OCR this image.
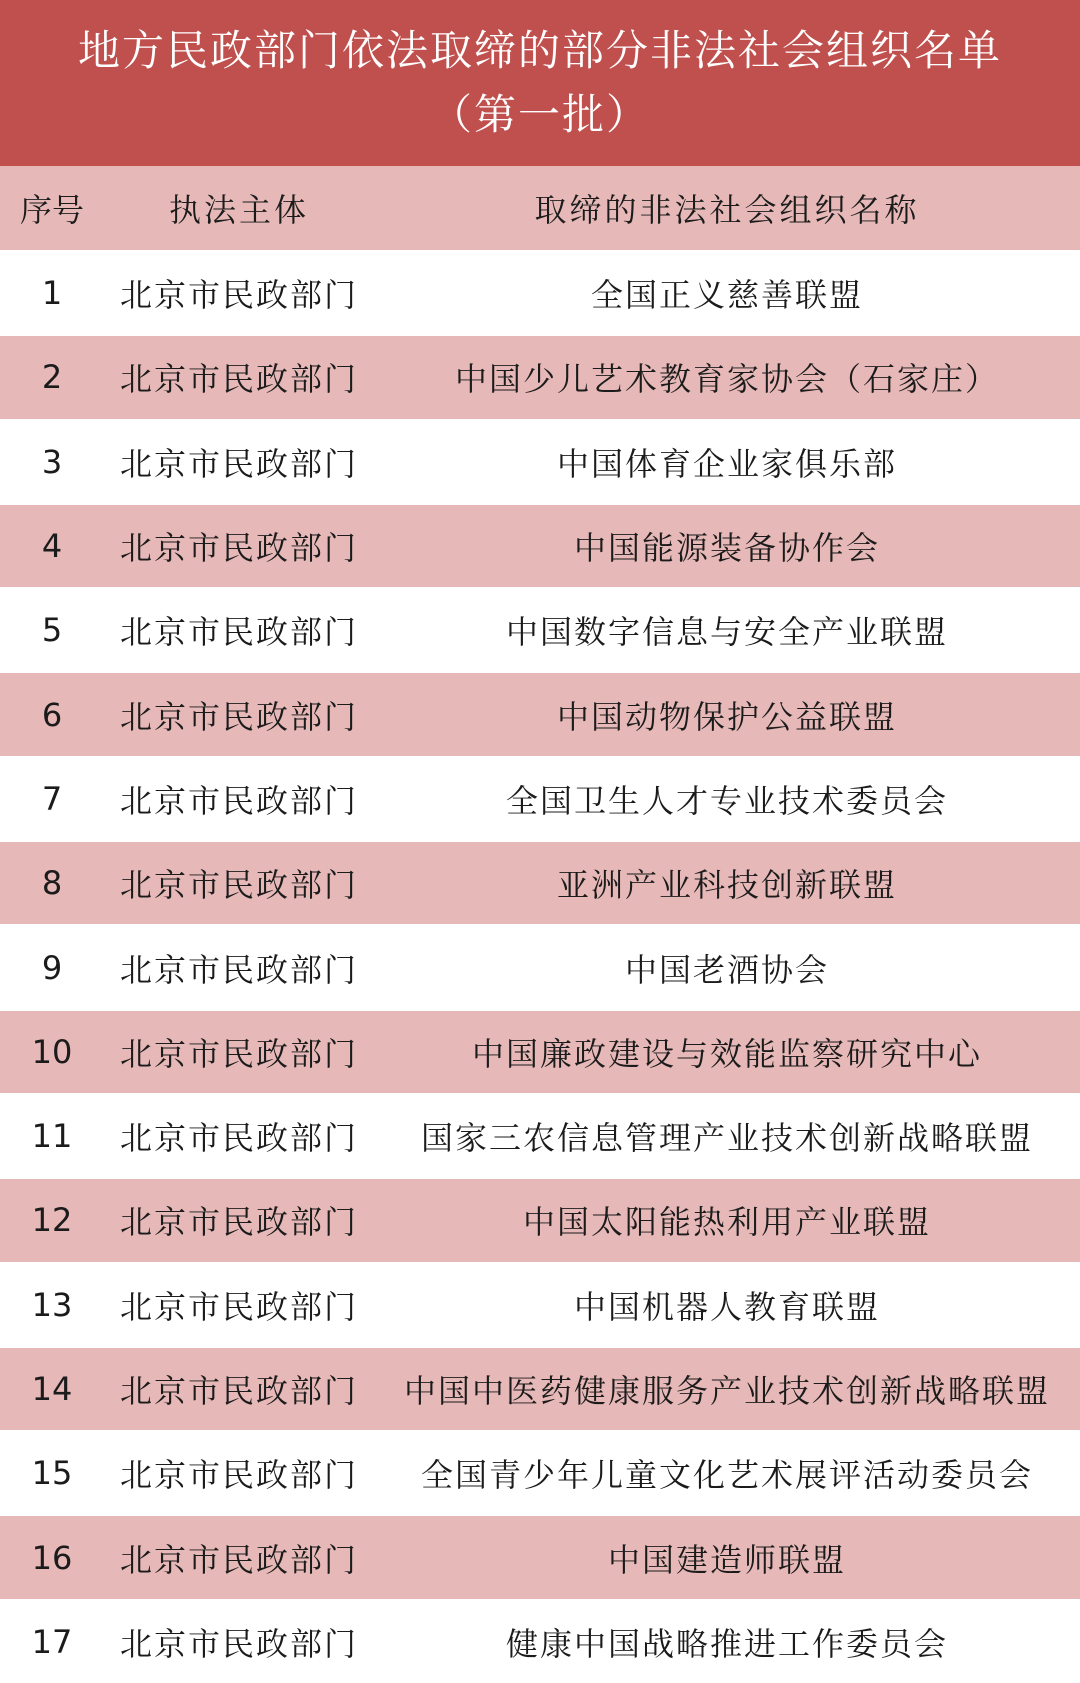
地方民政部门依法取缔的部分非法社会组织名单
（第一批）
序号	执法主体	取缔的非法社会组织名称
1	北京市民政部门	全国正义慈善联盟
2	北京市民政部门	中国少儿艺术教育家协会（石家庄）
3	北京市民政部门	中国体育企业家俱乐部
4	北京市民政部门	中国能源装备协作会
5	北京市民政部门	中国数字信息与安全产业联盟
6	北京市民政部门	中国动物保护公益联盟
7	北京市民政部门	全国卫生人才专业技术委员会
8	北京市民政部门	亚洲产业科技创新联盟
9	北京市民政部门	中国老酒协会
10	北京市民政部门	中国廉政建设与效能监察研究中心
11	北京市民政部门	国家三农信息管理产业技术创新战略联盟
12	北京市民政部门	中国太阳能热利用产业联盟
13	北京市民政部门	中国机器人教育联盟
14	北京市民政部门	中国中医药健康服务产业技术创新战略联盟
15	北京市民政部门	全国青少年儿童文化艺术展评活动委员会
16	北京市民政部门	中国建造师联盟
17	北京市民政部门	健康中国战略推进工作委员会
